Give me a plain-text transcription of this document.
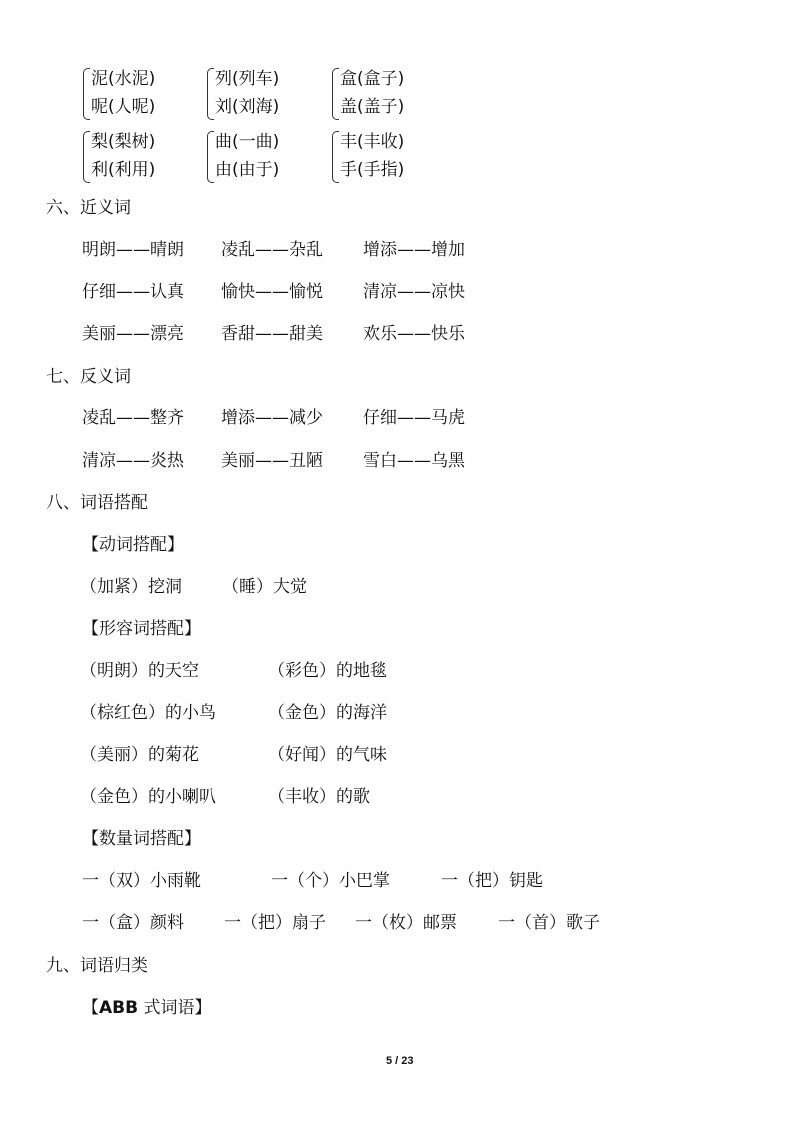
泥(水泥)
呢(人呢)
列(列车)
刘(刘海)
盒(盒子)
盖(盖子)
梨(梨树)
利(利用)
曲(一曲)
由(由于)
丰(丰收)
手(手指)
六、近义词
明朗——晴朗 凌乱——杂乱 增添——增加
仔细——认真 愉快——愉悦 清凉——凉快
美丽——漂亮 香甜——甜美 欢乐——快乐
七、反义词
凌乱——整齐 增添——减少 仔细——马虎
清凉——炎热 美丽——丑陋 雪白——乌黑
八、词语搭配
【动词搭配】
（加紧）挖洞 （睡）大觉
【形容词搭配】
（明朗）的天空	（彩色）的地毯
（棕红色）的小鸟	（金色）的海洋
（美丽）的菊花	（好闻）的气味
（金色）的小喇叭	（丰收）的歌
【数量词搭配】
一（双）小雨靴	一（个）小巴掌	一（把）钥匙
一（盒）颜料 一（把）扇子 一（枚）邮票 一（首）歌子
九、词语归类
【ABB 式词语】
5 / 23
